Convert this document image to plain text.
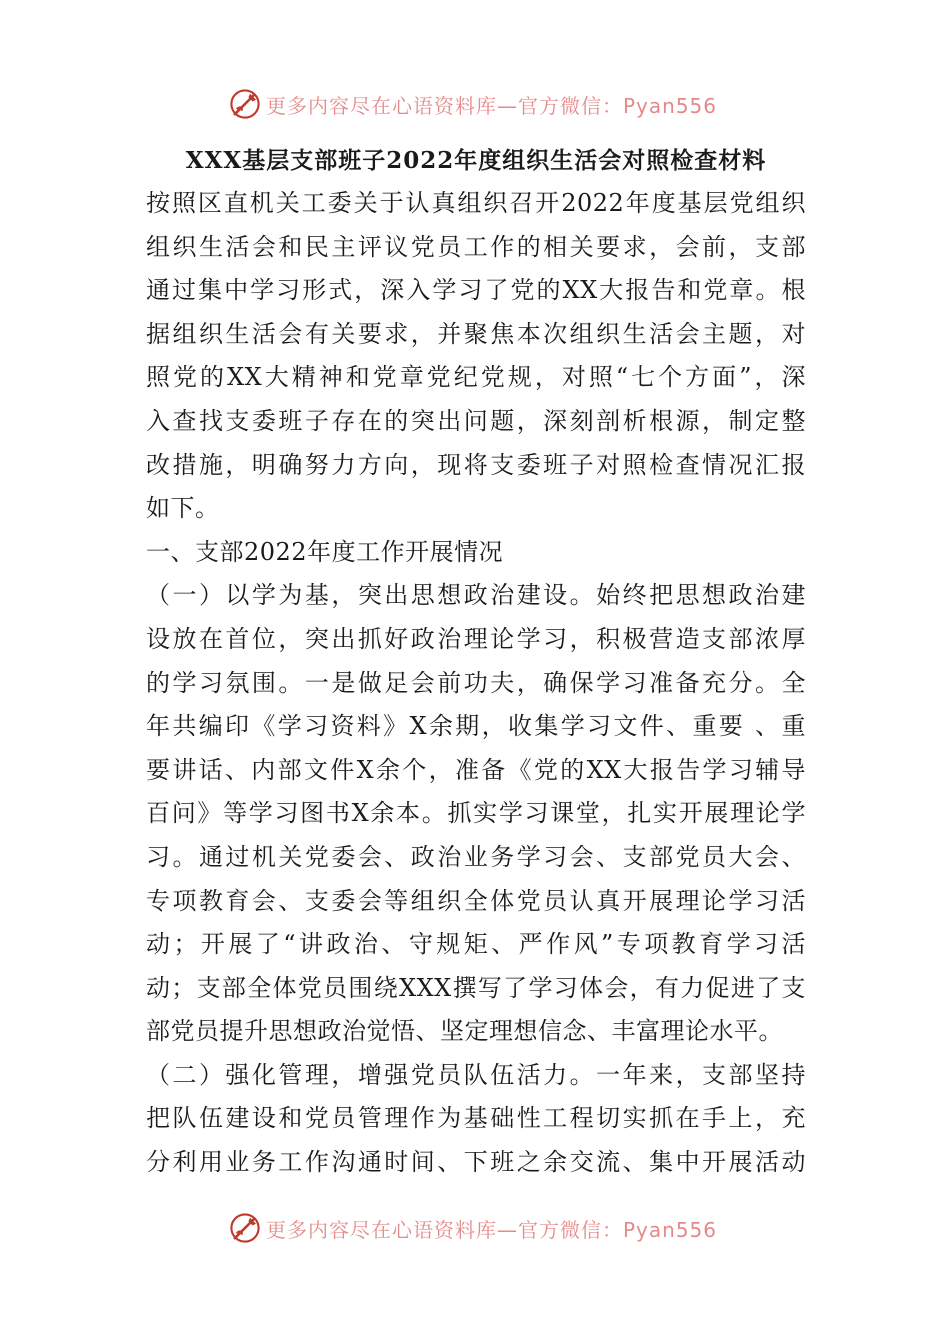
更多内容尽在心语资料库—官方微信：Pyan556
XXX基层支部班子2022年度组织生活会对照检查材料
按照区直机关工委关于认真组织召开2022年度基层党组织
组织生活会和民主评议党员工作的相关要求，会前，支部
通过集中学习形式，深入学习了党的XX大报告和党章。根
据组织生活会有关要求，并聚焦本次组织生活会主题，对
照党的XX大精神和党章党纪党规，对照“七个方面”，深
入查找支委班子存在的突出问题，深刻剖析根源，制定整
改措施，明确努力方向，现将支委班子对照检查情况汇报
如下。
一、支部2022年度工作开展情况
（一）以学为基，突出思想政治建设。始终把思想政治建
设放在首位，突出抓好政治理论学习，积极营造支部浓厚
的学习氛围。一是做足会前功夫，确保学习准备充分。全
年共编印《学习资料》X余期，收集学习文件、重要 、重
要讲话、内部文件X余个，准备《党的XX大报告学习辅导
百问》等学习图书X余本。抓实学习课堂，扎实开展理论学
习。通过机关党委会、政治业务学习会、支部党员大会、
专项教育会、支委会等组织全体党员认真开展理论学习活
动；开展了“讲政治、守规矩、严作风”专项教育学习活
动；支部全体党员围绕XXX撰写了学习体会，有力促进了支
部党员提升思想政治觉悟、坚定理想信念、丰富理论水平。
（二）强化管理，增强党员队伍活力。一年来，支部坚持
把队伍建设和党员管理作为基础性工程切实抓在手上，充
分利用业务工作沟通时间、下班之余交流、集中开展活动
更多内容尽在心语资料库—官方微信：Pyan556
